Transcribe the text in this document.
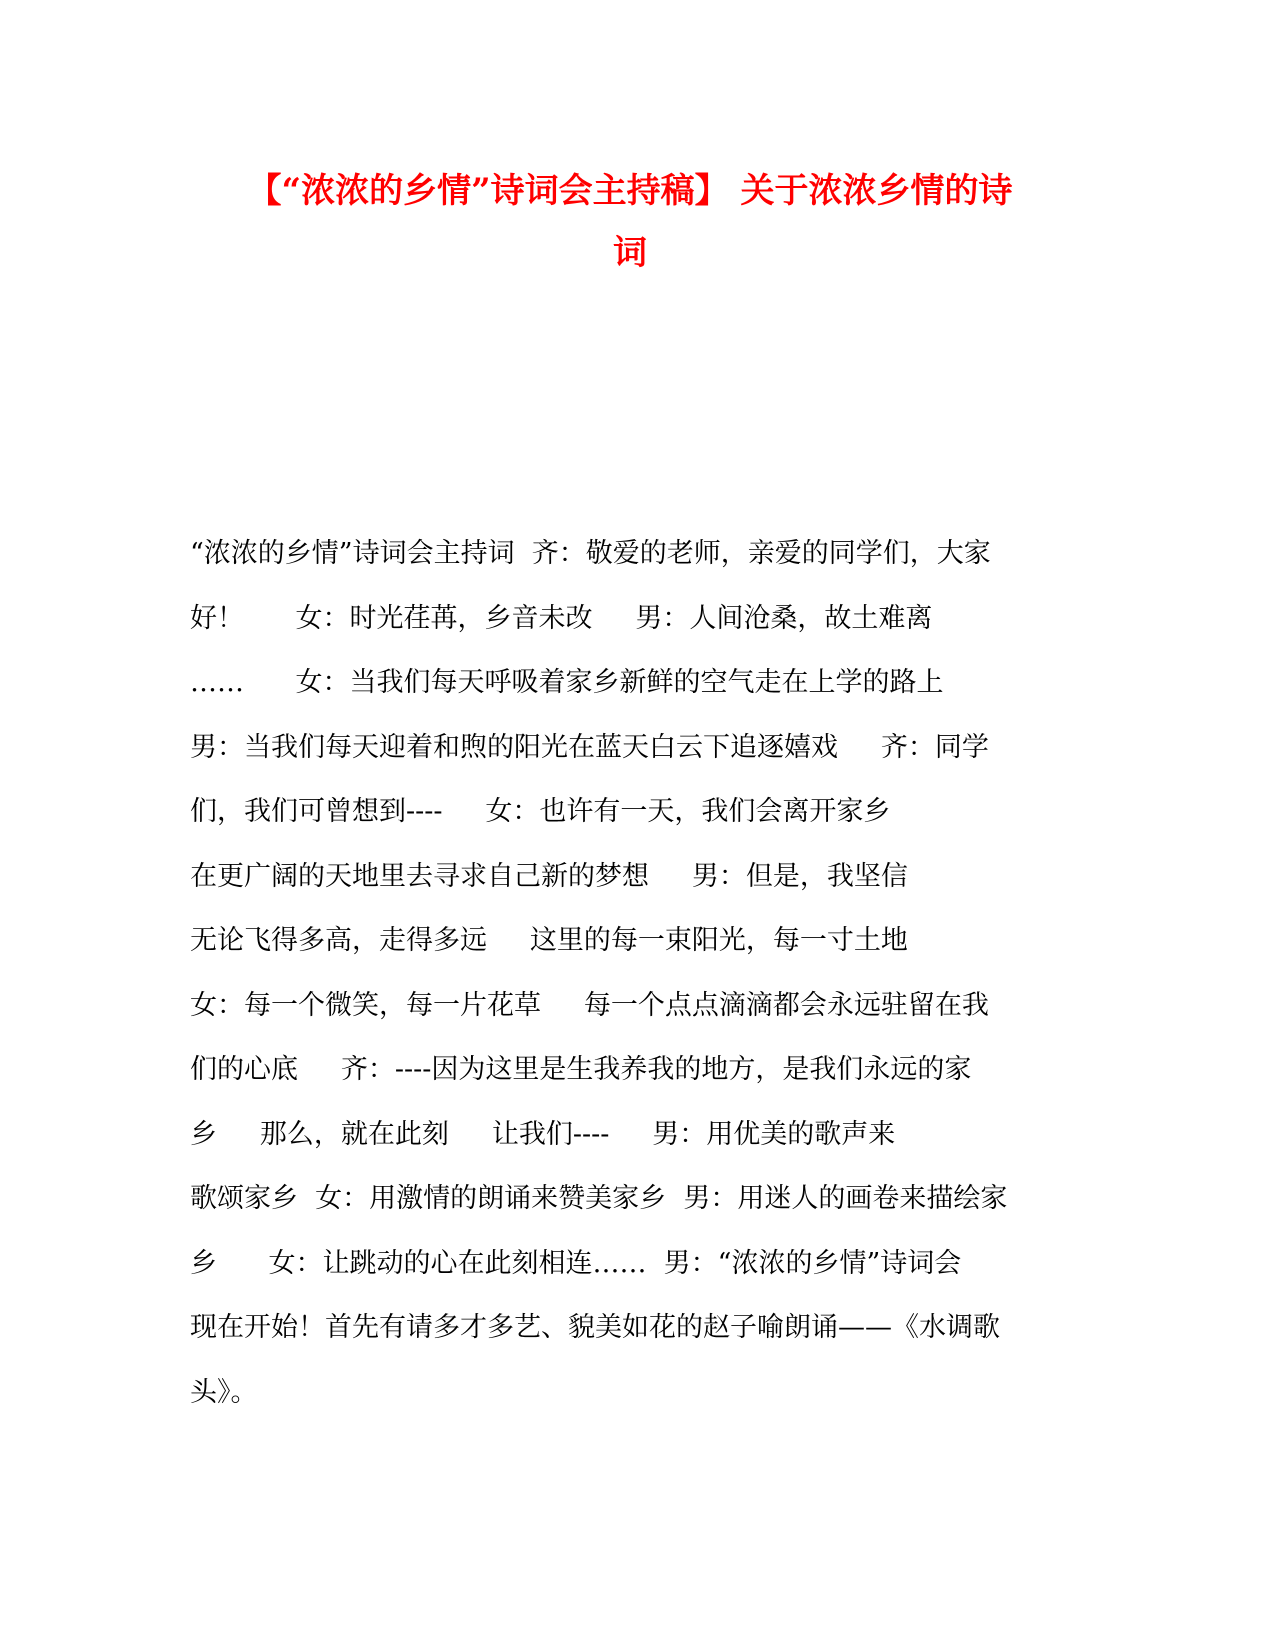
【“浓浓的乡情”诗词会主持稿】 关于浓浓乡情的诗
词
“浓浓的乡情”诗词会主持词  齐：敬爱的老师，亲爱的同学们，大家
好！      女：时光荏苒，乡音未改     男：人间沧桑，故土难离
……      女：当我们每天呼吸着家乡新鲜的空气走在上学的路上
男：当我们每天迎着和煦的阳光在蓝天白云下追逐嬉戏     齐：同学
们，我们可曾想到----     女：也许有一天，我们会离开家乡
在更广阔的天地里去寻求自己新的梦想     男：但是，我坚信
无论飞得多高，走得多远     这里的每一束阳光，每一寸土地
女：每一个微笑，每一片花草     每一个点点滴滴都会永远驻留在我
们的心底     齐：----因为这里是生我养我的地方，是我们永远的家
乡     那么，就在此刻     让我们----     男：用优美的歌声来
歌颂家乡  女：用激情的朗诵来赞美家乡  男：用迷人的画卷来描绘家
乡      女：让跳动的心在此刻相连……  男：“浓浓的乡情”诗词会
现在开始！首先有请多才多艺、貌美如花的赵子喻朗诵——《水调歌
头》。
